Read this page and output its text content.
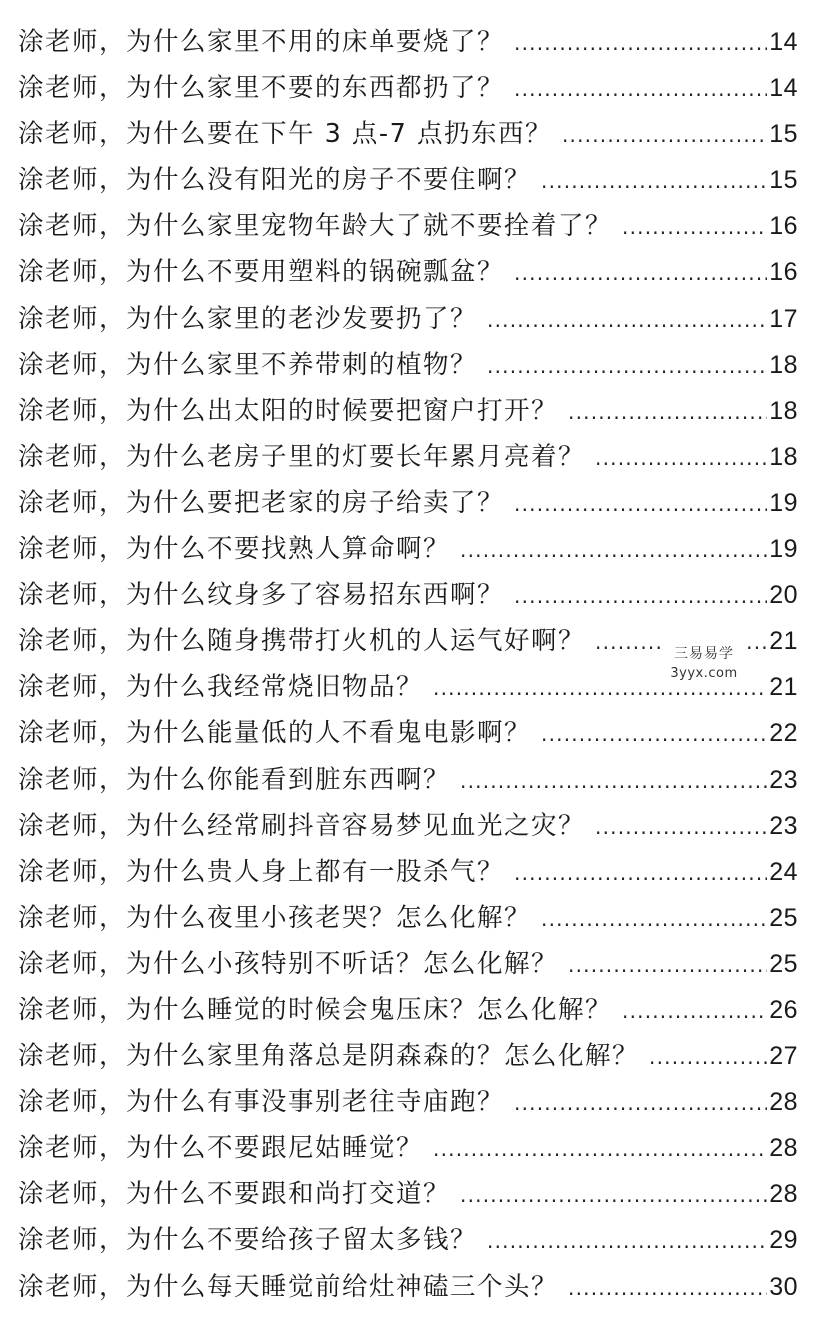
涂老师，为什么家里不用的床单要烧了？ .....	14
涂老师，为什么家里不要的东西都扔了？ .....	14
涂老师，为什么要在下午 3 点-7 点扔东西？ .....	15
涂老师，为什么没有阳光的房子不要住啊？ .....	15
涂老师，为什么家里宠物年龄大了就不要拴着了？ .....	16
涂老师，为什么不要用塑料的锅碗瓢盆？ .....	16
涂老师，为什么家里的老沙发要扔了？ .....	17
涂老师，为什么家里不养带刺的植物？ .....	18
涂老师，为什么出太阳的时候要把窗户打开？ .....	18
涂老师，为什么老房子里的灯要长年累月亮着？ .....	18
涂老师，为什么要把老家的房子给卖了？ .....	19
涂老师，为什么不要找熟人算命啊？ .....	19
涂老师，为什么纹身多了容易招东西啊？ .....	20
涂老师，为什么随身携带打火机的人运气好啊？ .....	21
涂老师，为什么我经常烧旧物品？ .....	21
涂老师，为什么能量低的人不看鬼电影啊？ .....	22
涂老师，为什么你能看到脏东西啊？ .....	23
涂老师，为什么经常刷抖音容易梦见血光之灾？ .....	23
涂老师，为什么贵人身上都有一股杀气？ .....	24
涂老师，为什么夜里小孩老哭？怎么化解？ .....	25
涂老师，为什么小孩特别不听话？怎么化解？ .....	25
涂老师，为什么睡觉的时候会鬼压床？怎么化解？ .....	26
涂老师，为什么家里角落总是阴森森的？怎么化解？ .....	27
涂老师，为什么有事没事别老往寺庙跑？ .....	28
涂老师，为什么不要跟尼姑睡觉？ .....	28
涂老师，为什么不要跟和尚打交道？ .....	28
涂老师，为什么不要给孩子留太多钱？ .....	29
涂老师，为什么每天睡觉前给灶神磕三个头？ .....	30
三易易学
3yyx.com
